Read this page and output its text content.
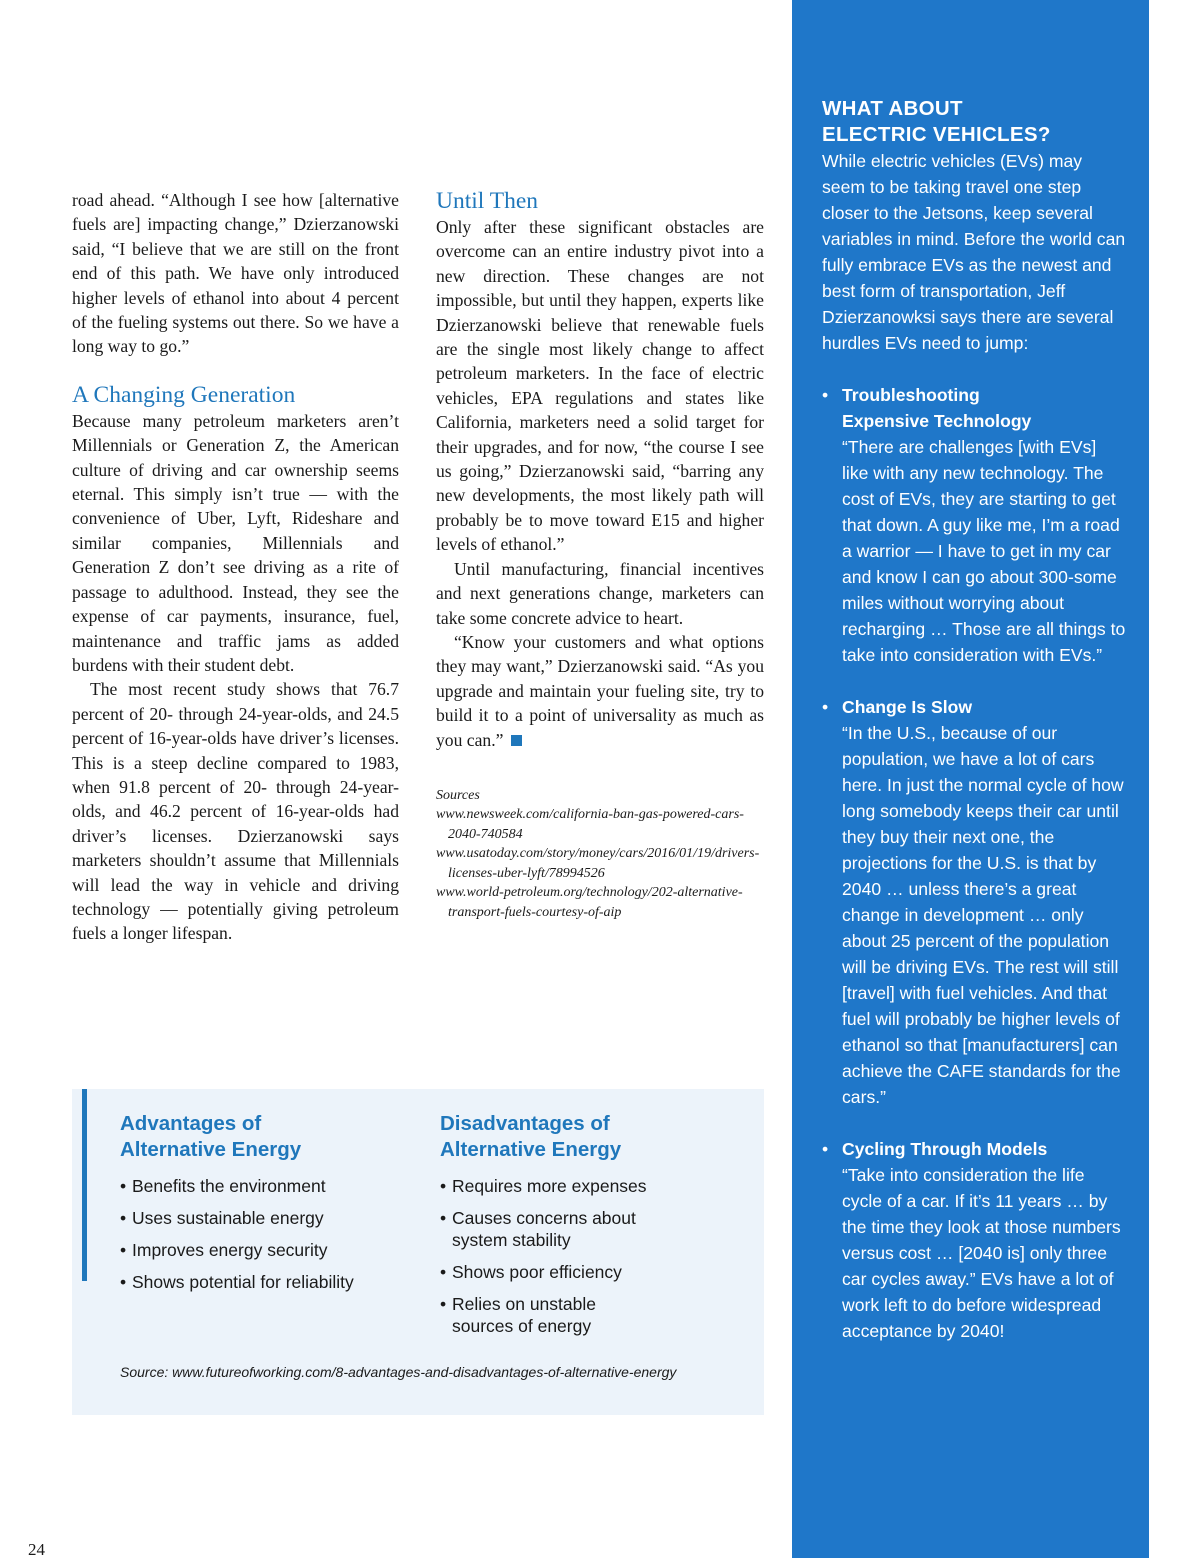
road ahead. “Although I see how [alternative fuels are] impacting change,” Dzierzanowski said, “I believe that we are still on the front end of this path. We have only introduced higher levels of ethanol into about 4 percent of the fueling systems out there. So we have a long way to go.”

A Changing Generation

Because many petroleum marketers aren’t Millennials or Generation Z, the American culture of driving and car ownership seems eternal. This simply isn’t true — with the convenience of Uber, Lyft, Rideshare and similar companies, Millennials and Generation Z don’t see driving as a rite of passage to adulthood. Instead, they see the expense of car payments, insurance, fuel, maintenance and traffic jams as added burdens with their student debt.

The most recent study shows that 76.7 percent of 20- through 24-year-olds, and 24.5 percent of 16-year-olds have driver’s licenses. This is a steep decline compared to 1983, when 91.8 percent of 20- through 24-year-olds, and 46.2 percent of 16-year-olds had driver’s licenses. Dzierzanowski says marketers shouldn’t assume that Millennials will lead the way in vehicle and driving technology — potentially giving petroleum fuels a longer lifespan.

Until Then

Only after these significant obstacles are overcome can an entire industry pivot into a new direction. These changes are not impossible, but until they happen, experts like Dzierzanowski believe that renewable fuels are the single most likely change to affect petroleum marketers. In the face of electric vehicles, EPA regulations and states like California, marketers need a solid target for their upgrades, and for now, “the course I see us going,” Dzierzanowski said, “barring any new developments, the most likely path will probably be to move toward E15 and higher levels of ethanol.”

Until manufacturing, financial incentives and next generations change, marketers can take some concrete advice to heart.

“Know your customers and what options they may want,” Dzierzanowski said. “As you upgrade and maintain your fueling site, try to build it to a point of universality as much as you can.”

Sources
www.newsweek.com/california-ban-gas-powered-cars-2040-740584
www.usatoday.com/story/money/cars/2016/01/19/drivers-licenses-uber-lyft/78994526
www.world-petroleum.org/technology/202-alternative-transport-fuels-courtesy-of-aip
Advantages of
Alternative Energy
• Benefits the environment
• Uses sustainable energy
• Improves energy security
• Shows potential for reliability
Disadvantages of
Alternative Energy
• Requires more expenses
• Causes concerns about system stability
• Shows poor efficiency
• Relies on unstable sources of energy
Source: www.futureofworking.com/8-advantages-and-disadvantages-of-alternative-energy
WHAT ABOUT
ELECTRIC VEHICLES?

While electric vehicles (EVs) may seem to be taking travel one step closer to the Jetsons, keep several variables in mind. Before the world can fully embrace EVs as the newest and best form of transportation, Jeff Dzierzanowksi says there are several hurdles EVs need to jump:

• Troubleshooting
Expensive Technology

“There are challenges [with EVs] like with any new technology. The cost of EVs, they are starting to get that down. A guy like me, I’m a road a warrior — I have to get in my car and know I can go about 300-some miles without worrying about recharging … Those are all things to take into consideration with EVs.”

• Change Is Slow

“In the U.S., because of our population, we have a lot of cars here. In just the normal cycle of how long somebody keeps their car until they buy their next one, the projections for the U.S. is that by 2040 … unless there’s a great change in development … only about 25 percent of the population will be driving EVs. The rest will still [travel] with fuel vehicles. And that fuel will probably be higher levels of ethanol so that [manufacturers] can achieve the CAFE standards for the cars.”

• Cycling Through Models

“Take into consideration the life cycle of a car. If it’s 11 years … by the time they look at those numbers versus cost … [2040 is] only three car cycles away.” EVs have a lot of work left to do before widespread acceptance by 2040!

24
